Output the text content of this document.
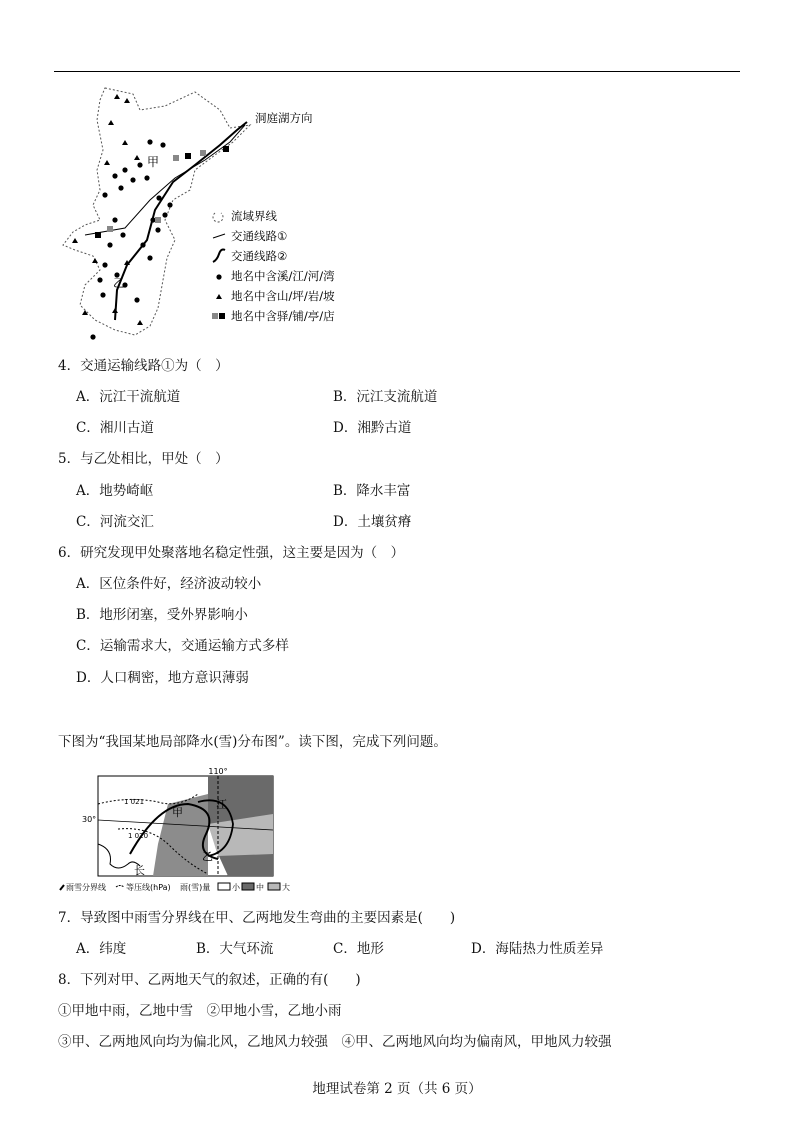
甲
乙
洞庭湖方向
流域界线
交通线路①
交通线路②
地名中含溪/江/河/湾
地名中含山/坪/岩/坡
地名中含驿/铺/亭/店
4．交通运输线路①为（　）
A．沅江干流航道	B．沅江支流航道
C．湘川古道	D．湘黔古道
5．与乙处相比，甲处（　）
A．地势崎岖	B．降水丰富
C．河流交汇	D．土壤贫瘠
6．研究发现甲处聚落地名稳定性强，这主要是因为（　）
A．区位条件好，经济波动较小
B．地形闭塞，受外界影响小
C．运输需求大，交通运输方式多样
D．人口稠密，地方意识薄弱
下图为“我国某地局部降水(雪)分布图”。读下图，完成下列问题。
110°
30°
1 021
1 020
甲
江
乙
长
雨雪分界线	等压线(hPa) 雨(雪)量	小 中 大
7．导致图中雨雪分界线在甲、乙两地发生弯曲的主要因素是(　　)
A．纬度	B．大气环流	C．地形	D．海陆热力性质差异
8．下列对甲、乙两地天气的叙述，正确的有(　　)
①甲地中雨，乙地中雪　②甲地小雪，乙地小雨
③甲、乙两地风向均为偏北风，乙地风力较强　④甲、乙两地风向均为偏南风，甲地风力较强
地理试卷第 2 页（共 6 页）
